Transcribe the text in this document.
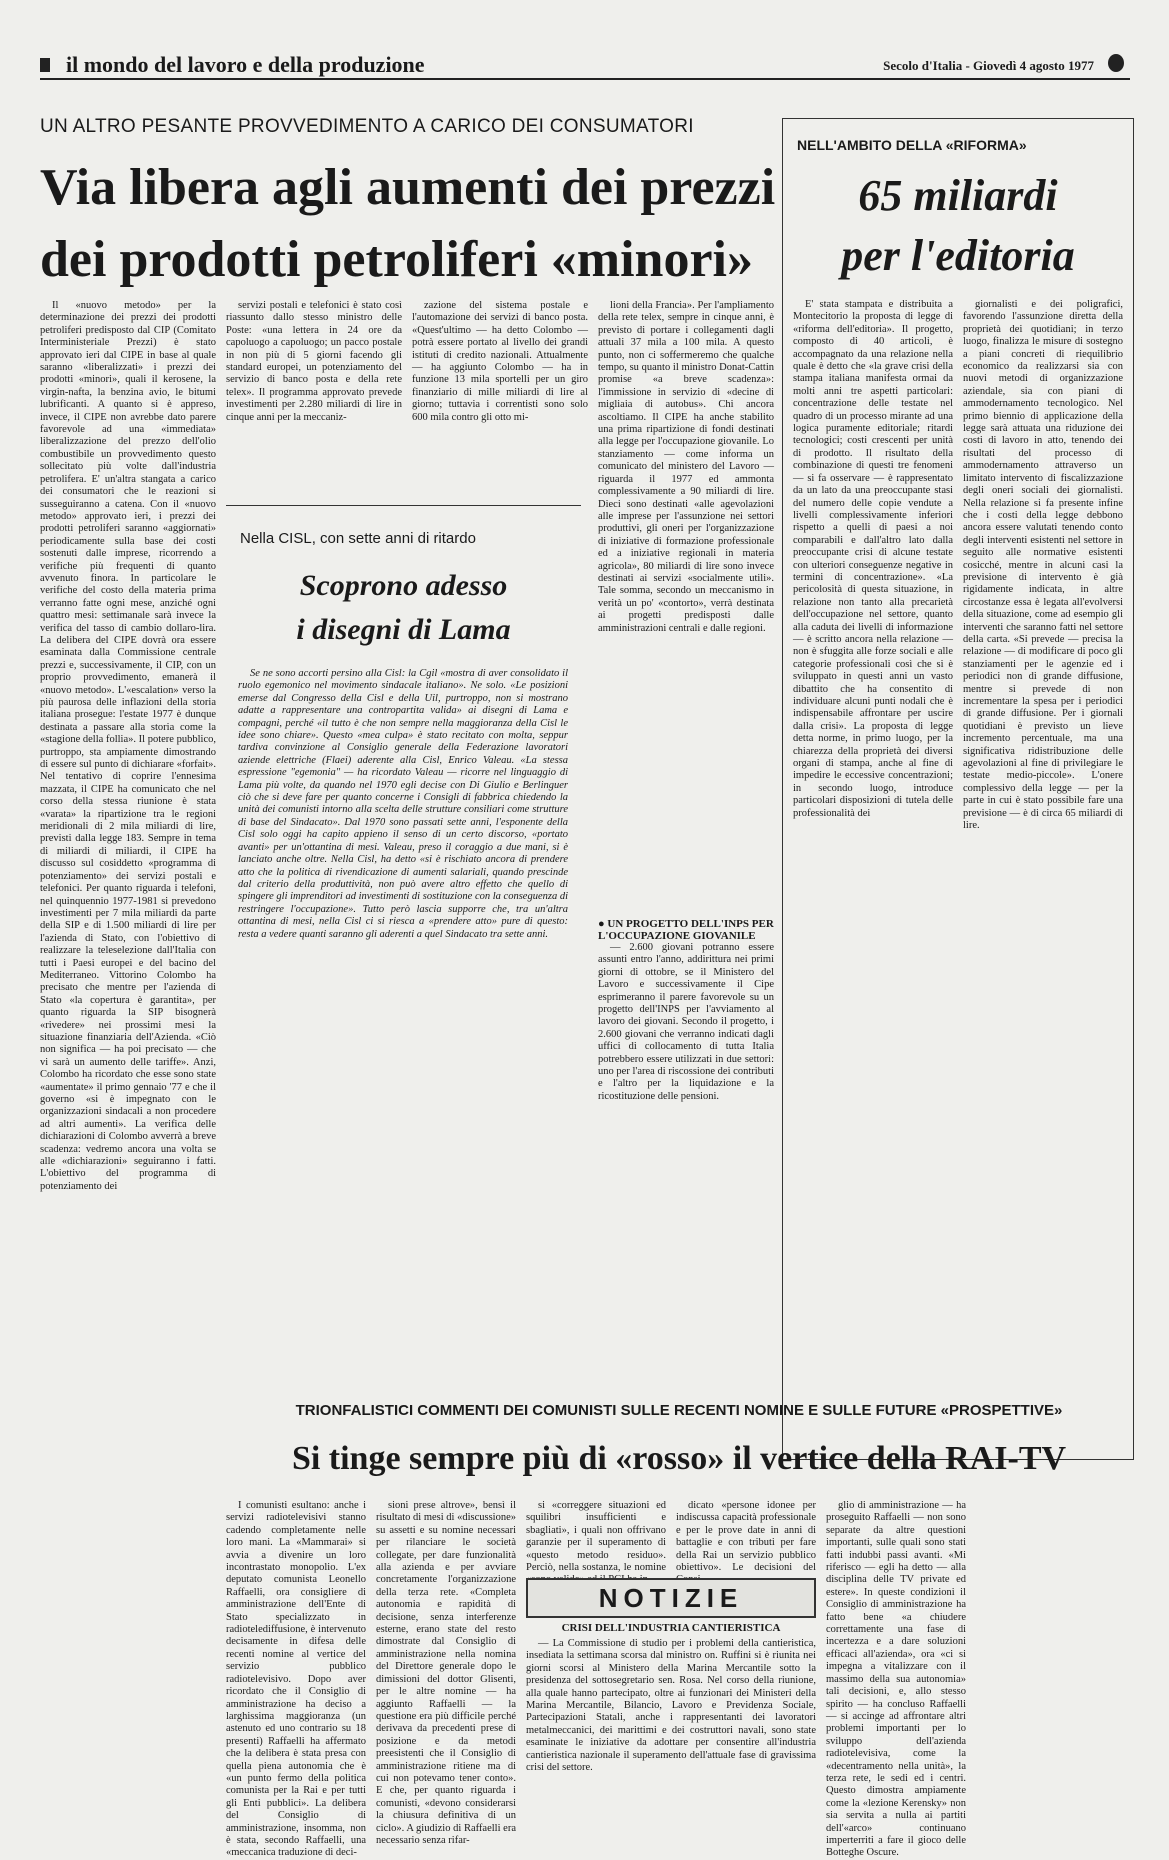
il mondo del lavoro e della produzione	Secolo d'Italia - Giovedì 4 agosto 1977
UN ALTRO PESANTE PROVVEDIMENTO A CARICO DEI CONSUMATORI
Via libera agli aumenti dei prezzi
dei prodotti petroliferi «minori»

Il «nuovo metodo» per la determinazione dei prezzi dei prodotti petroliferi predisposto dal CIP (Comitato Interministeriale Prezzi) è stato approvato ieri dal CIPE in base al quale saranno «liberalizzati» i prezzi dei prodotti «minori», quali il kerosene, la virgin-nafta, la benzina avio, le bitumi lubrificanti. A quanto si è appreso, invece, il CIPE non avrebbe dato parere favorevole ad una «immediata» liberalizzazione del prezzo dell'olio combustibile un provvedimento questo sollecitato più volte dall'industria petrolifera. E' un'altra stangata a carico dei consumatori che le reazioni si susseguiranno a catena. Con il «nuovo metodo» approvato ieri, i prezzi dei prodotti petroliferi saranno «aggiornati» periodicamente sulla base dei costi sostenuti dalle imprese, ricorrendo a verifiche più frequenti di quanto avvenuto finora. In particolare le verifiche del costo della materia prima verranno fatte ogni mese, anziché ogni quattro mesi: settimanale sarà invece la verifica del tasso di cambio dollaro-lira. La delibera del CIPE dovrà ora essere esaminata dalla Commissione centrale prezzi e, successivamente, il CIP, con un proprio provvedimento, emanerà il «nuovo metodo». L'«escalation» verso la più paurosa delle inflazioni della storia italiana prosegue: l'estate 1977 è dunque destinata a passare alla storia come la «stagione della follia». Il potere pubblico, purtroppo, sta ampiamente dimostrando di essere sul punto di dichiarare «forfait». Nel tentativo di coprire l'ennesima mazzata, il CIPE ha comunicato che nel corso della stessa riunione è stata «varata» la ripartizione tra le regioni meridionali di 2 mila miliardi di lire, previsti dalla legge 183. Sempre in tema di miliardi di miliardi, il CIPE ha discusso sul cosiddetto «programma di potenziamento» dei servizi postali e telefonici. Per quanto riguarda i telefoni, nel quinquennio 1977-1981 si prevedono investimenti per 7 mila miliardi da parte della SIP e di 1.500 miliardi di lire per l'azienda di Stato, con l'obiettivo di realizzare la teleselezione dall'Italia con tutti i Paesi europei e del bacino del Mediterraneo. Vittorino Colombo ha precisato che mentre per l'azienda di Stato «la copertura è garantita», per quanto riguarda la SIP bisognerà «rivedere» nei prossimi mesi la situazione finanziaria dell'Azienda. «Ciò non significa — ha poi precisato — che vi sarà un aumento delle tariffe». Anzi, Colombo ha ricordato che esse sono state «aumentate» il primo gennaio '77 e che il governo «si è impegnato con le organizzazioni sindacali a non procedere ad altri aumenti». La verifica delle dichiarazioni di Colombo avverrà a breve scadenza: vedremo ancora una volta se alle «dichiarazioni» seguiranno i fatti. L'obiettivo del programma di potenziamento dei

servizi postali e telefonici è stato così riassunto dallo stesso ministro delle Poste: «una lettera in 24 ore da capoluogo a capoluogo; un pacco postale in non più di 5 giorni facendo gli standard europei, un potenziamento del servizio di banco posta e della rete telex». Il programma approvato prevede investimenti per 2.280 miliardi di lire in cinque anni per la meccaniz-

zazione del sistema postale e l'automazione dei servizi di banco posta. «Quest'ultimo — ha detto Colombo — potrà essere portato al livello dei grandi istituti di credito nazionali. Attualmente — ha aggiunto Colombo — ha in funzione 13 mila sportelli per un giro finanziario di mille miliardi di lire al giorno; tuttavia i correntisti sono solo 600 mila contro gli otto mi-

lioni della Francia». Per l'ampliamento della rete telex, sempre in cinque anni, è previsto di portare i collegamenti dagli attuali 37 mila a 100 mila. A questo punto, non ci soffermeremo che qualche tempo, su quanto il ministro Donat-Cattin promise «a breve scadenza»: l'immissione in servizio di «decine di migliaia di autobus». Chi ancora ascoltiamo. Il CIPE ha anche stabilito una prima ripartizione di fondi destinati alla legge per l'occupazione giovanile. Lo stanziamento — come informa un comunicato del ministero del Lavoro — riguarda il 1977 ed ammonta complessivamente a 90 miliardi di lire. Dieci sono destinati «alle agevolazioni alle imprese per l'assunzione nei settori produttivi, gli oneri per l'organizzazione di iniziative di formazione professionale ed a iniziative regionali in materia agricola», 80 miliardi di lire sono invece destinati ai servizi «socialmente utili». Tale somma, secondo un meccanismo in verità un po' «contorto», verrà destinata ai progetti predisposti dalle amministrazioni centrali e dalle regioni.

● UN PROGETTO DELL'INPS PER L'OCCUPAZIONE GIOVANILE

— 2.600 giovani potranno essere assunti entro l'anno, addirittura nei primi giorni di ottobre, se il Ministero del Lavoro e successivamente il Cipe esprimeranno il parere favorevole su un progetto dell'INPS per l'avviamento al lavoro dei giovani. Secondo il progetto, i 2.600 giovani che verranno indicati dagli uffici di collocamento di tutta Italia potrebbero essere utilizzati in due settori: uno per l'area di riscossione dei contributi e l'altro per la liquidazione e la ricostituzione delle pensioni.

Nella CISL, con sette anni di ritardo
Scoprono adesso
i disegni di Lama

Se ne sono accorti persino alla Cisl: la Cgil «mostra di aver consolidato il ruolo egemonico nel movimento sindacale italiano». Ne solo. «Le posizioni emerse dal Congresso della Cisl e della Uil, purtroppo, non si mostrano adatte a rappresentare una contropartita valida» ai disegni di Lama e compagni, perché «il tutto è che non sempre nella maggioranza della Cisl le idee sono chiare». Questo «mea culpa» è stato recitato con molta, seppur tardiva convinzione al Consiglio generale della Federazione lavoratori aziende elettriche (Flaei) aderente alla Cisl, Enrico Valeau. «La stessa espressione "egemonia" — ha ricordato Valeau — ricorre nel linguaggio di Lama più volte, da quando nel 1970 egli decise con Di Giulio e Berlinguer ciò che si deve fare per quanto concerne i Consigli di fabbrica chiedendo la unità dei comunisti intorno alla scelta delle strutture consiliari come strutture di base del Sindacato». Dal 1970 sono passati sette anni, l'esponente della Cisl solo oggi ha capito appieno il senso di un certo discorso, «portato avanti» per un'ottantina di mesi. Valeau, preso il coraggio a due mani, si è lanciato anche oltre. Nella Cisl, ha detto «si è rischiato ancora di prendere atto che la politica di rivendicazione di aumenti salariali, quando prescinde dal criterio della produttività, non può avere altro effetto che quello di spingere gli imprenditori ad investimenti di sostituzione con la conseguenza di restringere l'occupazione». Tutto però lascia supporre che, tra un'altra ottantina di mesi, nella Cisl ci si riesca a «prendere atto» pure di questo: resta a vedere quanti saranno gli aderenti a quel Sindacato tra sette anni.

NELL'AMBITO DELLA «RIFORMA»
65 miliardi
per l'editoria

E' stata stampata e distribuita a Montecitorio la proposta di legge di «riforma dell'editoria». Il progetto, composto di 40 articoli, è accompagnato da una relazione nella quale è detto che «la grave crisi della stampa italiana manifesta ormai da molti anni tre aspetti particolari: concentrazione delle testate nel quadro di un processo mirante ad una logica puramente editoriale; ritardi tecnologici; costi crescenti per unità di prodotto. Il risultato della combinazione di questi tre fenomeni — si fa osservare — è rappresentato da un lato da una preoccupante stasi del numero delle copie vendute a livelli complessivamente inferiori rispetto a quelli di paesi a noi comparabili e dall'altro lato dalla preoccupante crisi di alcune testate con ulteriori conseguenze negative in termini di concentrazione». «La pericolosità di questa situazione, in relazione non tanto alla precarietà dell'occupazione nel settore, quanto alla caduta dei livelli di informazione — è scritto ancora nella relazione — non è sfuggita alle forze sociali e alle categorie professionali così che si è sviluppato in questi anni un vasto dibattito che ha consentito di individuare alcuni punti nodali che è indispensabile affrontare per uscire dalla crisi». La proposta di legge detta norme, in primo luogo, per la chiarezza della proprietà dei diversi organi di stampa, anche al fine di impedire le eccessive concentrazioni; in secondo luogo, introduce particolari disposizioni di tutela delle professionalità dei

giornalisti e dei poligrafici, favorendo l'assunzione diretta della proprietà dei quotidiani; in terzo luogo, finalizza le misure di sostegno a piani concreti di riequilibrio economico da realizzarsi sia con nuovi metodi di organizzazione aziendale, sia con piani di ammodernamento tecnologico. Nel primo biennio di applicazione della legge sarà attuata una riduzione dei costi di lavoro in atto, tenendo dei risultati del processo di ammodernamento attraverso un limitato intervento di fiscalizzazione degli oneri sociali dei giornalisti. Nella relazione si fa presente infine che i costi della legge debbono ancora essere valutati tenendo conto degli interventi esistenti nel settore in seguito alle normative esistenti cosicché, mentre in alcuni casi la previsione di intervento è già rigidamente indicata, in altre circostanze essa è legata all'evolversi della situazione, come ad esempio gli interventi che saranno fatti nel settore della carta. «Si prevede — precisa la relazione — di modificare di poco gli stanziamenti per le agenzie ed i periodici non di grande diffusione, mentre si prevede di non incrementare la spesa per i periodici di grande diffusione. Per i giornali quotidiani è previsto un lieve incremento percentuale, ma una significativa ridistribuzione delle agevolazioni al fine di privilegiare le testate medio-piccole». L'onere complessivo della legge — per la parte in cui è stato possibile fare una previsione — è di circa 65 miliardi di lire.

TRIONFALISTICI COMMENTI DEI COMUNISTI SULLE RECENTI NOMINE E SULLE FUTURE «PROSPETTIVE»
Si tinge sempre più di «rosso» il vertice della RAI-TV

I comunisti esultano: anche i servizi radiotelevisivi stanno cadendo completamente nelle loro mani. La «Mammarai» si avvia a divenire un loro incontrastato monopolio. L'ex deputato comunista Leonello Raffaelli, ora consigliere di amministrazione dell'Ente di Stato specializzato in radiotelediffusione, è intervenuto decisamente in difesa delle recenti nomine al vertice del servizio pubblico radiotelevisivo. Dopo aver ricordato che il Consiglio di amministrazione ha deciso a larghissima maggioranza (un astenuto ed uno contrario su 18 presenti) Raffaelli ha affermato che la delibera è stata presa con quella piena autonomia che è «un punto fermo della politica comunista per la Rai e per tutti gli Enti pubblici». La delibera del Consiglio di amministrazione, insomma, non è stata, secondo Raffaelli, una «meccanica traduzione di deci-

sioni prese altrove», bensì il risultato di mesi di «discussione» su assetti e su nomine necessari per rilanciare le società collegate, per dare funzionalità alla azienda e per avviare concretamente l'organizzazione della terza rete. «Completa autonomia e rapidità di decisione, senza interferenze esterne, erano state del resto dimostrate dal Consiglio di amministrazione nella nomina del Direttore generale dopo le dimissioni del dottor Glisenti, per le altre nomine — ha aggiunto Raffaelli — la questione era più difficile perché derivava da precedenti prese di posizione e da metodi preesistenti che il Consiglio di amministrazione ritiene ma di cui non potevamo tener conto». E che, per quanto riguarda i comunisti, «devono considerarsi la chiusura definitiva di un ciclo». A giudizio di Raffaelli era necessario senza rifar-

si «correggere situazioni ed squilibri insufficienti e sbagliati», i quali non offrivano garanzie per il superamento di «questo metodo residuo». Perciò, nella sostanza, le nomine

dicato «persone idonee per indiscussa capacità professionale e per le prove date in anni di battaglie e con tributi per fare della Rai un servizio pubblico obiettivo». Le decisioni del

glio di amministrazione — ha proseguito Raffaelli — non sono separate da altre questioni importanti, sulle quali sono stati fatti indubbi passi avanti. «Mi riferisco — egli ha detto — alla disciplina delle TV private ed estere». In queste condizioni il Consiglio di amministrazione ha fatto bene «a chiudere correttamente una fase di incertezza e a dare soluzioni efficaci all'azienda», ora «ci si impegna a vitalizzare con il massimo della sua autonomia» tali decisioni, e, allo stesso spirito — ha concluso Raffaelli — si accinge ad affrontare altri problemi importanti per lo sviluppo dell'azienda radiotelevisiva, come la «decentramento nella unità», la terza rete, le sedi ed i centri. Questo dimostra ampiamente come la «lezione Kerensky» non sia servita a nulla ai partiti dell'«arco» continuano imperterriti a fare il gioco delle Botteghe Oscure.

NOTIZIE
CRISI DELL'INDUSTRIA CANTIERISTICA

— La Commissione di studio per i problemi della cantieristica, insediata la settimana scorsa dal ministro on. Ruffini si è riunita nei giorni scorsi al Ministero della Marina Mercantile sotto la presidenza del sottosegretario sen. Rosa. Nel corso della riunione, alla quale hanno partecipato, oltre ai funzionari dei Ministeri della Marina Mercantile, Bilancio, Lavoro e Previdenza Sociale, Partecipazioni Statali, anche i rappresentanti dei lavoratori metalmeccanici, dei marittimi e dei costruttori navali, sono state esaminate le iniziative da adottare per consentire all'industria cantieristica nazionale il superamento dell'attuale fase di gravissima crisi del settore.
